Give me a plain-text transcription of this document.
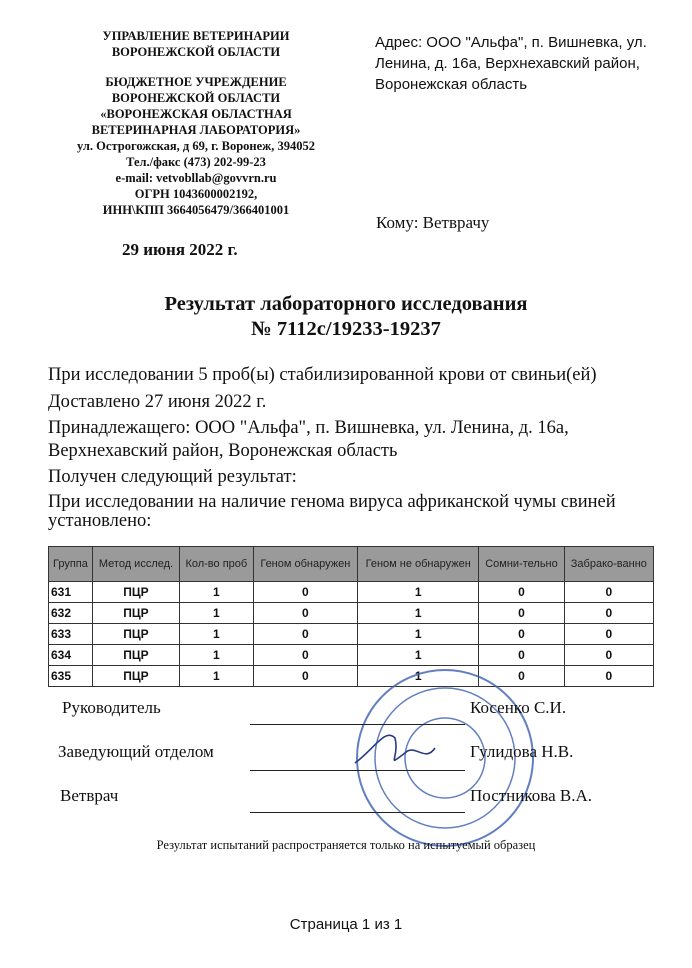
УПРАВЛЕНИЕ ВЕТЕРИНАРИИ
ВОРОНЕЖСКОЙ ОБЛАСТИ
БЮДЖЕТНОЕ УЧРЕЖДЕНИЕ
ВОРОНЕЖСКОЙ ОБЛАСТИ
«ВОРОНЕЖСКАЯ ОБЛАСТНАЯ
ВЕТЕРИНАРНАЯ ЛАБОРАТОРИЯ»
ул. Острогожская, д 69, г. Воронеж, 394052
Тел./факс (473) 202-99-23
e-mail: vetvobllab@govvrn.ru
ОГРН 1043600002192,
ИНН\КПП 3664056479/366401001
Адрес: ООО "Альфа", п. Вишневка, ул. Ленина, д. 16а, Верхнехавский район, Воронежская область
Кому: Ветврачу
29 июня 2022 г.
Результат лабораторного исследования
№ 7112с/19233-19237

При исследовании 5 проб(ы) стабилизированной крови от свиньи(ей)

Доставлено 27 июня 2022 г.

Принадлежащего: ООО "Альфа", п. Вишневка, ул. Ленина, д. 16а, Верхнехавский район, Воронежская область

Получен следующий результат:

При исследовании на наличие генома вируса африканской чумы свиней установлено:

Группа	Метод исслед.	Кол-во проб	Геном обнаружен	Геном не обнаружен	Сомни-тельно	Забрако-ванно
631	ПЦР	1	0	1	0	0
632	ПЦР	1	0	1	0	0
633	ПЦР	1	0	1	0	0
634	ПЦР	1	0	1	0	0
635	ПЦР	1	0	1	0	0
Руководитель	Косенко С.И.
Заведующий отделом	Гулидова Н.В.
Ветврач	Постникова В.А.
Результат испытаний распространяется только на испытуемый образец
Страница 1 из 1
